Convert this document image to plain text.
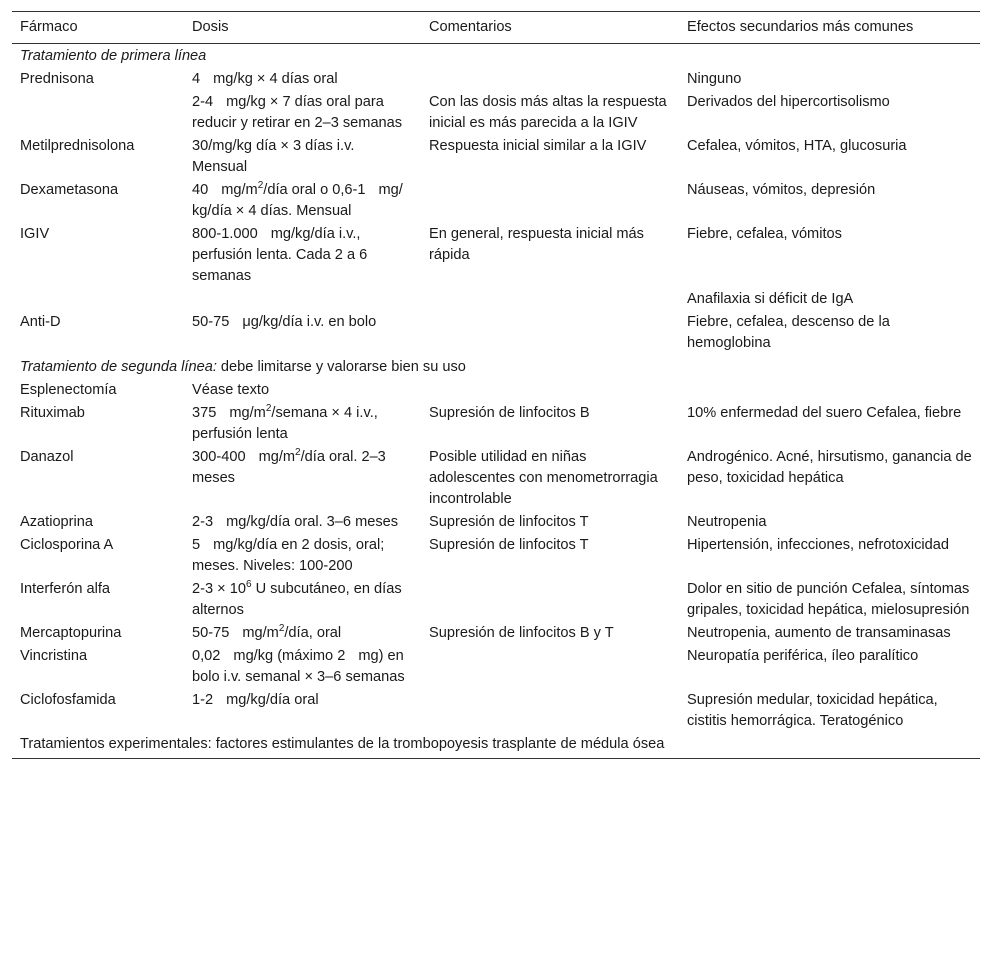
Fármaco	Dosis	Comentarios	Efectos secundarios más comunes
Tratamiento de primera línea			
Prednisona	4 mg/kg × 4 días oral		Ninguno
	2-4 mg/kg × 7 días oral para reducir y retirar en 2–3 semanas	Con las dosis más altas la respuesta inicial es más parecida a la IGIV	Derivados del hipercortisolismo
Metilprednisolona	30/mg/kg día × 3 días i.v. Mensual	Respuesta inicial similar a la IGIV	Cefalea, vómitos, HTA, glucosuria
Dexametasona	40 $mg/m^2$/día oral o 0,6-1 mg/ kg/día × 4 días. Mensual		Náuseas, vómitos, depresión
IGIV	800-1.000 mg/kg/día i.v., perfusión lenta. Cada 2 a 6 semanas	En general, respuesta inicial más rápida	Fiebre, cefalea, vómitos
			Anafilaxia si déficit de IgA
Anti-D	50-75 μg/kg/día i.v. en bolo		Fiebre, cefalea, descenso de la hemoglobina
Tratamiento de segunda línea: debe limitarse y valorarse bien su uso			
Esplenectomía	Véase texto		
Rituximab	375 $mg/m^2$/semana × 4 i.v., perfusión lenta	Supresión de linfocitos B	10% enfermedad del suero Cefalea, fiebre
Danazol	300-400 $mg/m^2$/día oral. 2–3 meses	Posible utilidad en niñas adolescentes con menometrorragia incontrolable	Androgénico. Acné, hirsutismo, ganancia de peso, toxicidad hepática
Azatioprina	2-3 mg/kg/día oral. 3–6 meses	Supresión de linfocitos T	Neutropenia
Ciclosporina A	5 mg/kg/día en 2 dosis, oral; meses. Niveles: 100-200	Supresión de linfocitos T	Hipertensión, infecciones, nefrotoxicidad
Interferón alfa	$2-3 \times 10^6$ U subcutáneo, en días alternos		Dolor en sitio de punción Cefalea, síntomas gripales, toxicidad hepática, mielosupresión
Mercaptopurina	50-75 $mg/m^2$/día, oral	Supresión de linfocitos B y T	Neutropenia, aumento de transaminasas
Vincristina	0,02 mg/kg (máximo 2 mg) en bolo i.v. semanal × 3–6 semanas		Neuropatía periférica, íleo paralítico
Ciclofosfamida	1-2 mg/kg/día oral		Supresión medular, toxicidad hepática, cistitis hemorrágica. Teratogénico
Tratamientos experimentales: factores estimulantes de la trombopoyesis trasplante de médula ósea			
